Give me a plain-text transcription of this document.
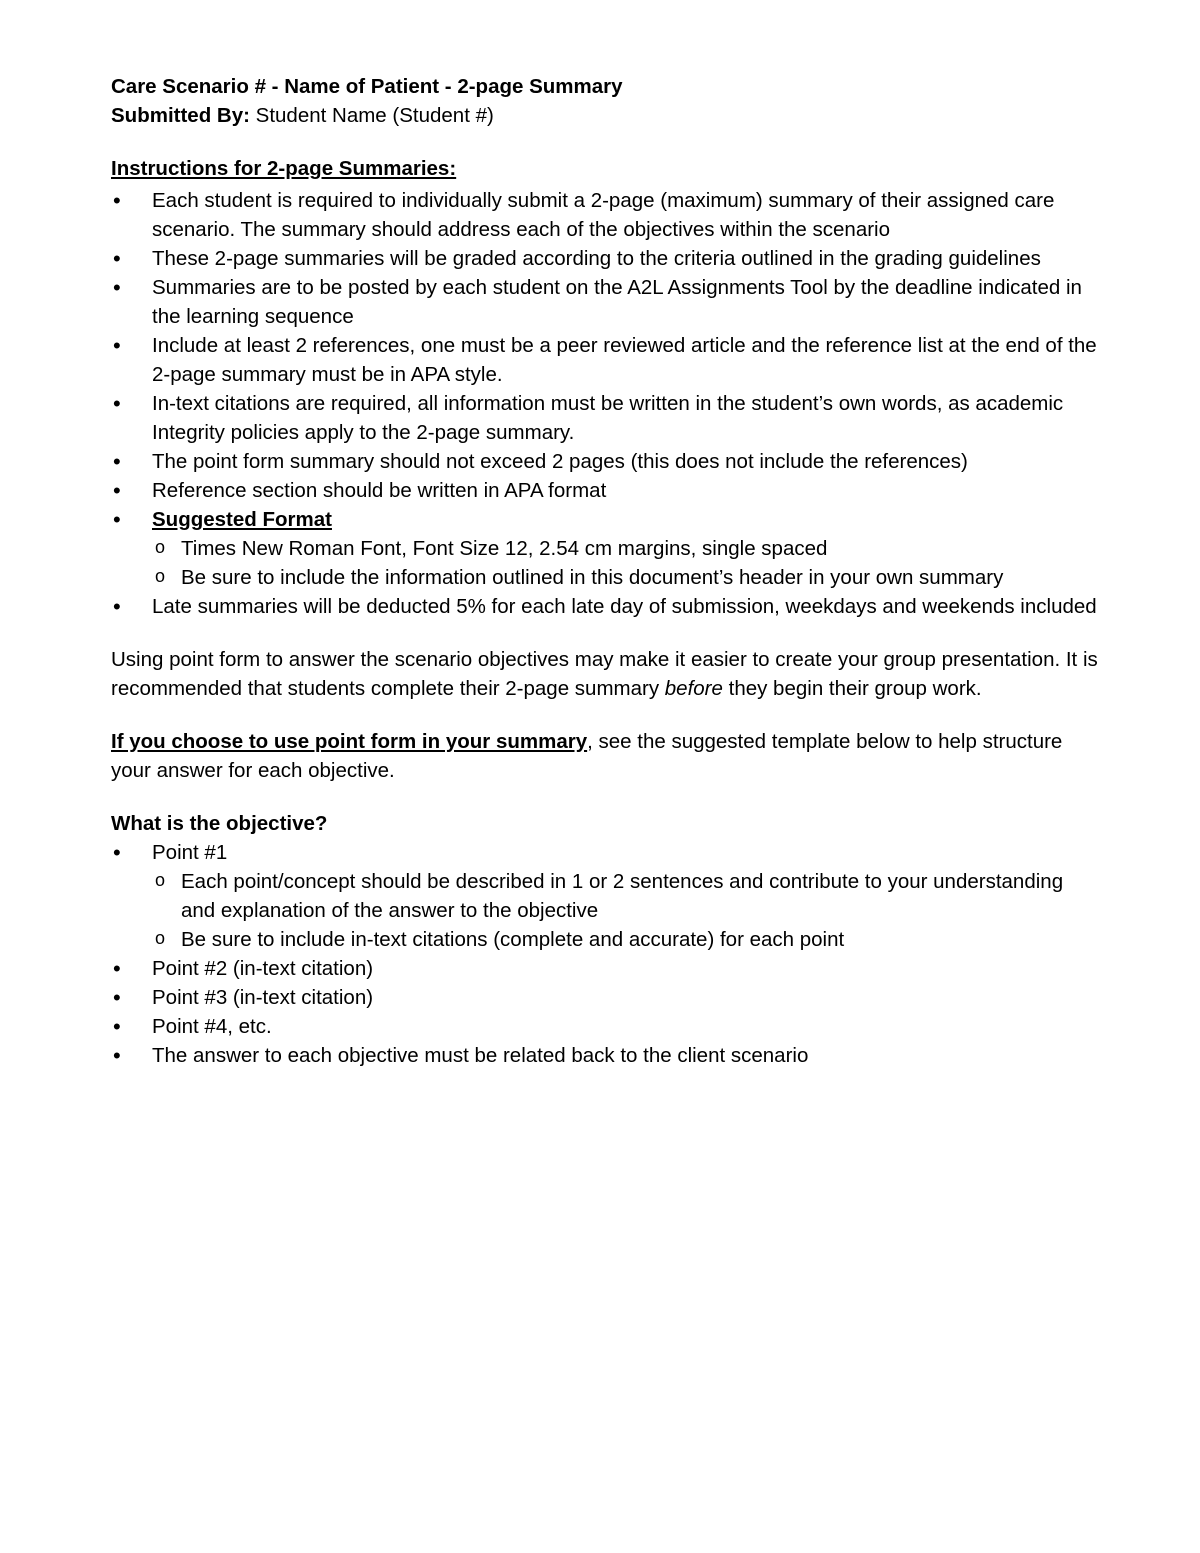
Care Scenario # - Name of Patient - 2-page Summary
Submitted By: Student Name (Student #)
Instructions for 2-page Summaries:
• Each student is required to individually submit a 2-page (maximum) summary of their assigned care scenario. The summary should address each of the objectives within the scenario
• These 2-page summaries will be graded according to the criteria outlined in the grading guidelines
• Summaries are to be posted by each student on the A2L Assignments Tool by the deadline indicated in the learning sequence
• Include at least 2 references, one must be a peer reviewed article and the reference list at the end of the 2-page summary must be in APA style.
• In-text citations are required, all information must be written in the student’s own words, as academic Integrity policies apply to the 2-page summary.
• The point form summary should not exceed 2 pages (this does not include the references)
• Reference section should be written in APA format
• Suggested Format
o Times New Roman Font, Font Size 12, 2.54 cm margins, single spaced
o Be sure to include the information outlined in this document’s header in your own summary
• Late summaries will be deducted 5% for each late day of submission, weekdays and weekends included

Using point form to answer the scenario objectives may make it easier to create your group presentation. It is recommended that students complete their 2-page summary before they begin their group work.

If you choose to use point form in your summary, see the suggested template below to help structure your answer for each objective.

What is the objective?
• Point #1
o Each point/concept should be described in 1 or 2 sentences and contribute to your understanding and explanation of the answer to the objective
o Be sure to include in-text citations (complete and accurate) for each point
• Point #2 (in-text citation)
• Point #3 (in-text citation)
• Point #4, etc.
• The answer to each objective must be related back to the client scenario
